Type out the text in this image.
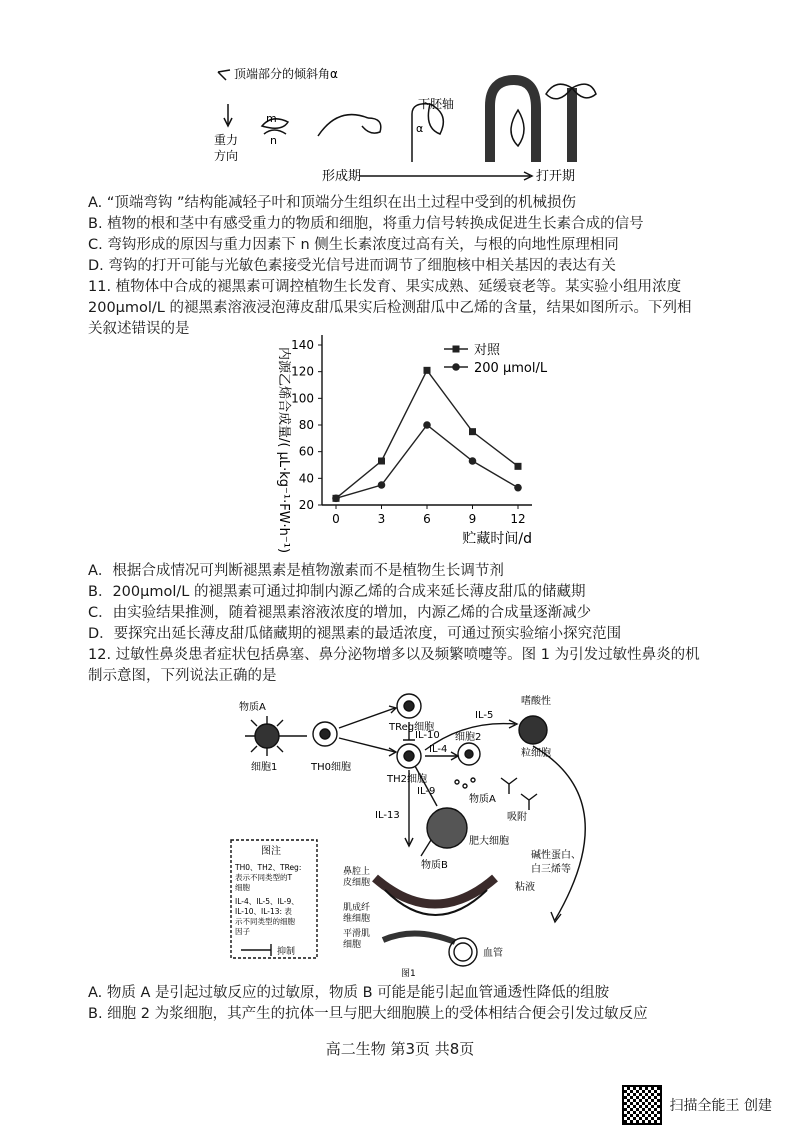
顶端部分的倾斜角α
重力
方向
m
n
下胚轴
α
形成期	打开期
A. “顶端弯钩 ”结构能减轻子叶和顶端分生组织在出土过程中受到的机械损伤
B. 植物的根和茎中有感受重力的物质和细胞，将重力信号转换成促进生长素合成的信号
C. 弯钩形成的原因与重力因素下 n 侧生长素浓度过高有关，与根的向地性原理相同
D. 弯钩的打开可能与光敏色素接受光信号进而调节了细胞核中相关基因的表达有关
11. 植物体中合成的褪黑素可调控植物生长发育、果实成熟、延缓衰老等。某实验小组用浓度
200μmol/L 的褪黑素溶液浸泡薄皮甜瓜果实后检测甜瓜中乙烯的含量，结果如图所示。下列相
关叙述错误的是
20
40
60
80
100
120
140
0	3	6	9	12
贮藏时间/d
内源乙烯合成量/( μL·kg⁻¹·FW·h⁻¹)	对照
200 μmol/L
A．根据合成情况可判断褪黑素是植物激素而不是植物生长调节剂
B．200μmol/L 的褪黑素可通过抑制内源乙烯的合成来延长薄皮甜瓜的储藏期
C．由实验结果推测，随着褪黑素溶液浓度的增加，内源乙烯的合成量逐渐减少
D．要探究出延长薄皮甜瓜储藏期的褪黑素的最适浓度，可通过预实验缩小探究范围
12. 过敏性鼻炎患者症状包括鼻塞、鼻分泌物增多以及频繁喷嚏等。图 1 为引发过敏性鼻炎的机
制示意图，下列说法正确的是
物质A
细胞1	TH0细胞
TReg细胞
IL-10
IL-5
嗜酸性
粒细胞
IL-4
细胞2
TH2细胞
IL-9
物质A
吸附
IL-13
物质B
肥大细胞
碱性蛋白、
白三烯等
图注
TH0、TH2、TReg:
表示不同类型的T
细胞
IL-4、IL-5、IL-9、
IL-10、IL-13: 表
示不同类型的细胞
因子
抑制
鼻腔上
皮细胞	粘液
肌成纤
维细胞
平滑肌
细胞
血管
图1
A. 物质 A 是引起过敏反应的过敏原，物质 B 可能是能引起血管通透性降低的组胺
B. 细胞 2 为浆细胞，其产生的抗体一旦与肥大细胞膜上的受体相结合便会引发过敏反应
高二生物 第3页 共8页
扫描全能王 创建
